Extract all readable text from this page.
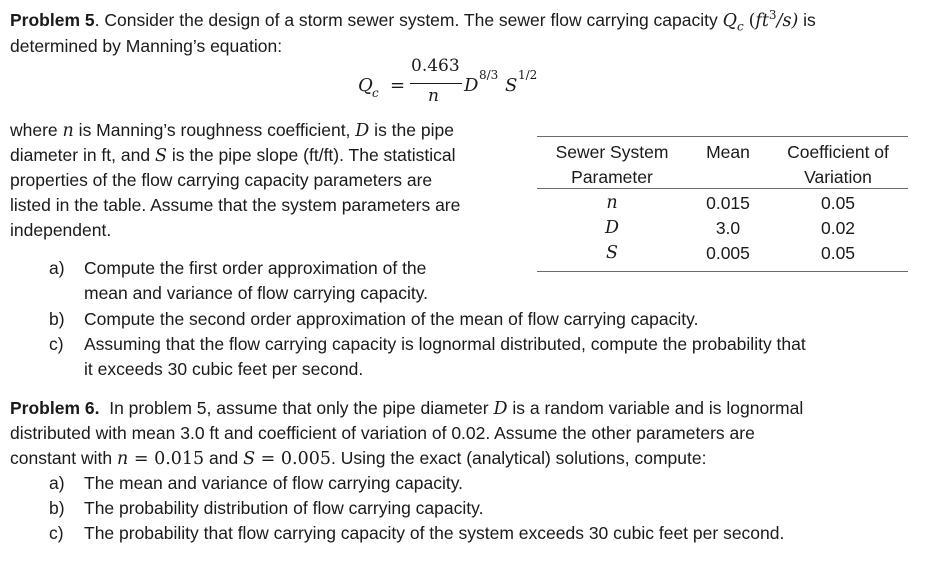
Problem 5. Consider the design of a storm sewer system. The sewer flow carrying capacity $Q_c$ $(ft^3/s)$ is
determined by Manning’s equation:
Q c =
0.463
n D 8/3 S 1/2
where n is Manning’s roughness coefficient, D is the pipe
diameter in ft, and S is the pipe slope (ft/ft). The statistical
properties of the flow carrying capacity parameters are
listed in the table. Assume that the system parameters are
independent.
Sewer System
Parameter
Mean	Coefficient of
Variation
n	0.015	0.05
D	3.0	0.02
S	0.005	0.05
a) Compute the first order approximation of the
mean and variance of flow carrying capacity.
b) Compute the second order approximation of the mean of flow carrying capacity.
c) Assuming that the flow carrying capacity is lognormal distributed, compute the probability that
it exceeds 30 cubic feet per second.
Problem 6. In problem 5, assume that only the pipe diameter D is a random variable and is lognormal
distributed with mean 3.0 ft and coefficient of variation of 0.02. Assume the other parameters are
constant with n = 0.015 and S = 0.005. Using the exact (analytical) solutions, compute:
a) The mean and variance of flow carrying capacity.
b) The probability distribution of flow carrying capacity.
c) The probability that flow carrying capacity of the system exceeds 30 cubic feet per second.
